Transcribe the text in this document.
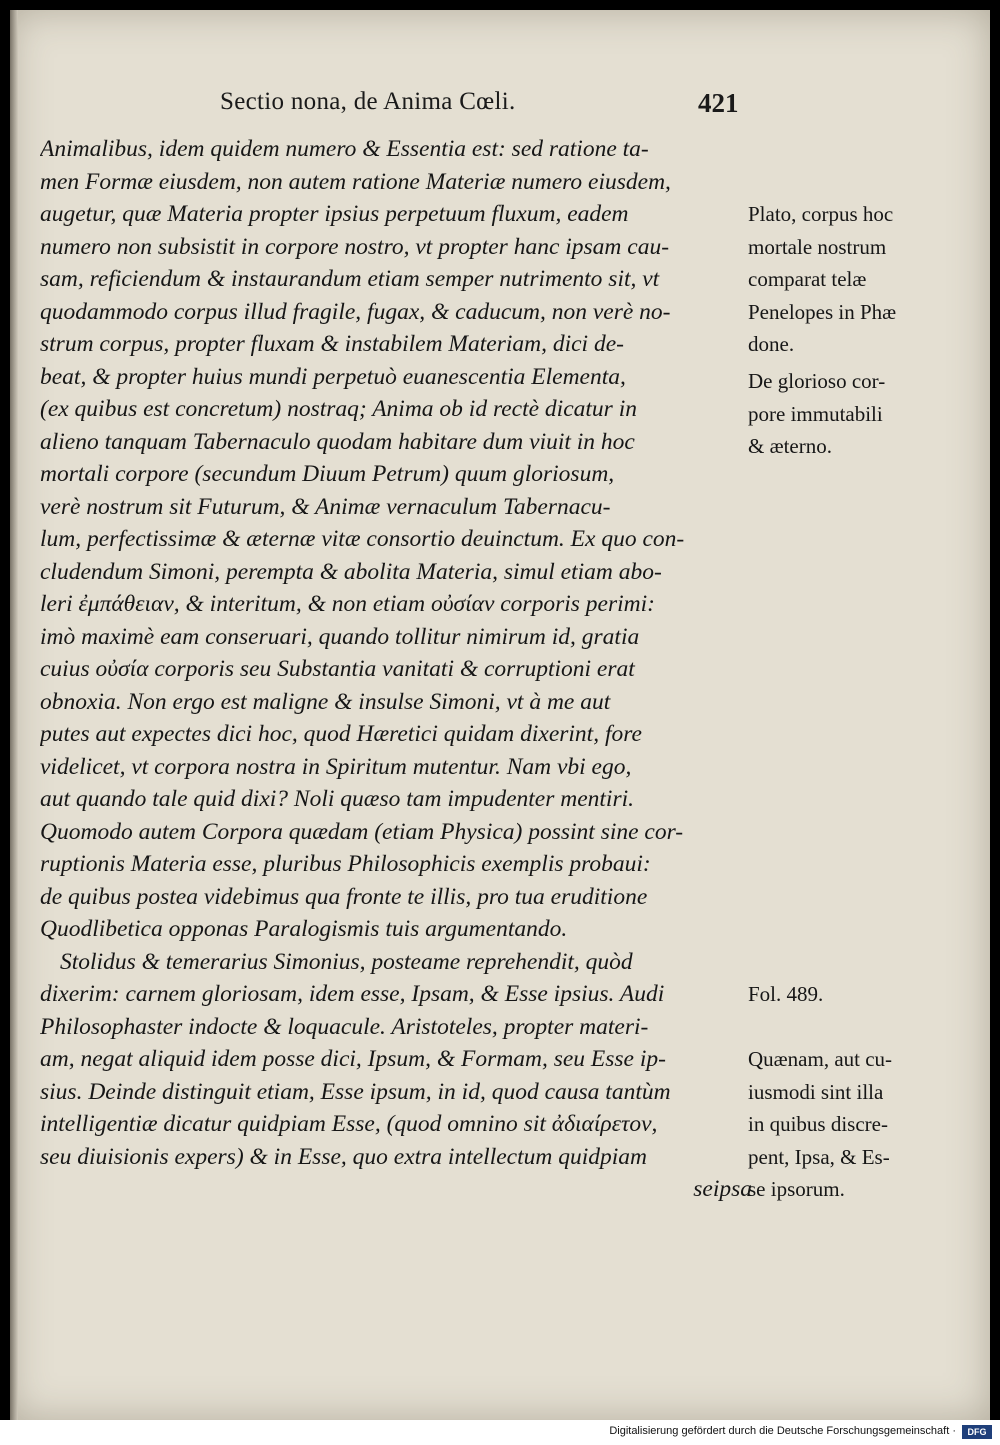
Sectio nona, de Anima Cœli.	421
Animalibus, idem quidem numero & Essentia est: sed ratione ta-
men Formæ eiusdem, non autem ratione Materiæ numero eiusdem,
augetur, quæ Materia propter ipsius perpetuum fluxum, eadem
numero non subsistit in corpore nostro, vt propter hanc ipsam cau-
sam, reficiendum & instaurandum etiam semper nutrimento sit, vt
quodammodo corpus illud fragile, fugax, & caducum, non verè no-
strum corpus, propter fluxam & instabilem Materiam, dici de-
beat, & propter huius mundi perpetuò euanescentia Elementa,
(ex quibus est concretum) nostraq; Anima ob id rectè dicatur in
alieno tanquam Tabernaculo quodam habitare dum viuit in hoc
mortali corpore (secundum Diuum Petrum) quum gloriosum,
verè nostrum sit Futurum, & Animæ vernaculum Tabernacu-
lum, perfectissimæ & æternæ vitæ consortio deuinctum. Ex quo con-
cludendum Simoni, perempta & abolita Materia, simul etiam abo-
leri ἐμπάθειαν, & interitum, & non etiam οὐσίαν corporis perimi:
imò maximè eam conseruari, quando tollitur nimirum id, gratia
cuius οὐσία corporis seu Substantia vanitati & corruptioni erat
obnoxia. Non ergo est maligne & insulse Simoni, vt à me aut
putes aut expectes dici hoc, quod Hæretici quidam dixerint, fore
videlicet, vt corpora nostra in Spiritum mutentur. Nam vbi ego,
aut quando tale quid dixi? Noli quæso tam impudenter mentiri.
Quomodo autem Corpora quædam (etiam Physica) possint sine cor-
ruptionis Materia esse, pluribus Philosophicis exemplis probaui:
de quibus postea videbimus qua fronte te illis, pro tua eruditione
Quodlibetica opponas Paralogismis tuis argumentando.
Stolidus & temerarius Simonius, posteame reprehendit, quòd
dixerim: carnem gloriosam, idem esse, Ipsam, & Esse ipsius. Audi
Philosophaster indocte & loquacule. Aristoteles, propter materi-
am, negat aliquid idem posse dici, Ipsum, & Formam, seu Esse ip-
sius. Deinde distinguit etiam, Esse ipsum, in id, quod causa tantùm
intelligentiæ dicatur quidpiam Esse, (quod omnino sit ἀδιαίρετον,
seu diuisionis expers) & in Esse, quo extra intellectum quidpiam
seipsa
Plato, corpus hoc
mortale nostrum
comparat telæ
Penelopes in Phæ
done.
De glorioso cor-
pore immutabili
& æterno.
Fol. 489.
Quænam, aut cu-
iusmodi sint illa
in quibus discre-
pent, Ipsa, & Es-
se ipsorum.
Digitalisierung gefördert durch die Deutsche Forschungsgemeinschaft ·	DFG
